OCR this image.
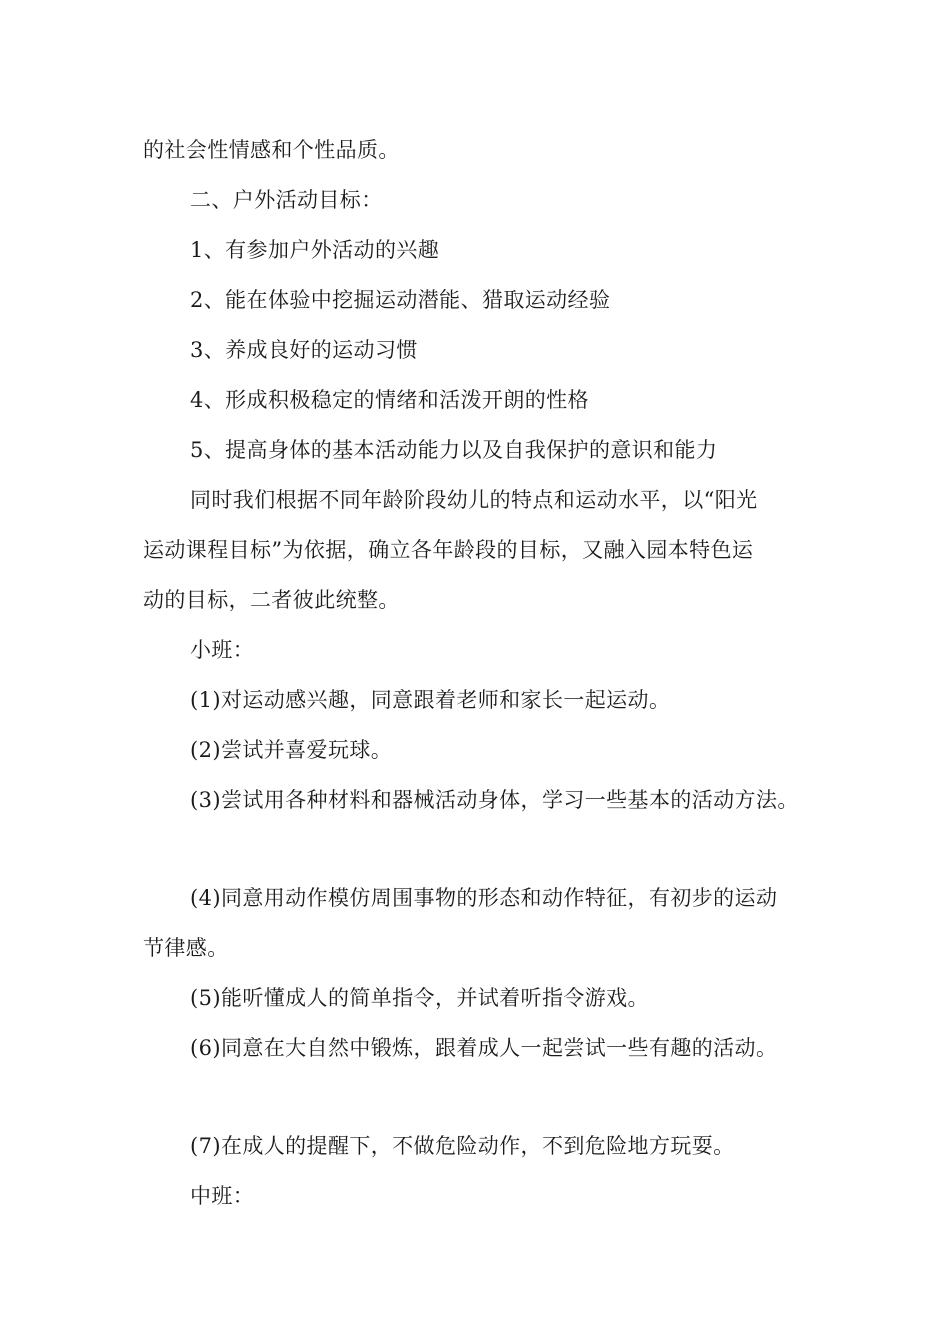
的社会性情感和个性品质。
二、户外活动目标：
1、有参加户外活动的兴趣
2、能在体验中挖掘运动潜能、猎取运动经验
3、养成良好的运动习惯
4、形成积极稳定的情绪和活泼开朗的性格
5、提高身体的基本活动能力以及自我保护的意识和能力
同时我们根据不同年龄阶段幼儿的特点和运动水平，以“阳光
运动课程目标”为依据，确立各年龄段的目标，又融入园本特色运
动的目标，二者彼此统整。
小班：
(1)对运动感兴趣，同意跟着老师和家长一起运动。
(2)尝试并喜爱玩球。
(3)尝试用各种材料和器械活动身体，学习一些基本的活动方法。
(4)同意用动作模仿周围事物的形态和动作特征，有初步的运动
节律感。
(5)能听懂成人的简单指令，并试着听指令游戏。
(6)同意在大自然中锻炼，跟着成人一起尝试一些有趣的活动。
(7)在成人的提醒下，不做危险动作，不到危险地方玩耍。
中班：
